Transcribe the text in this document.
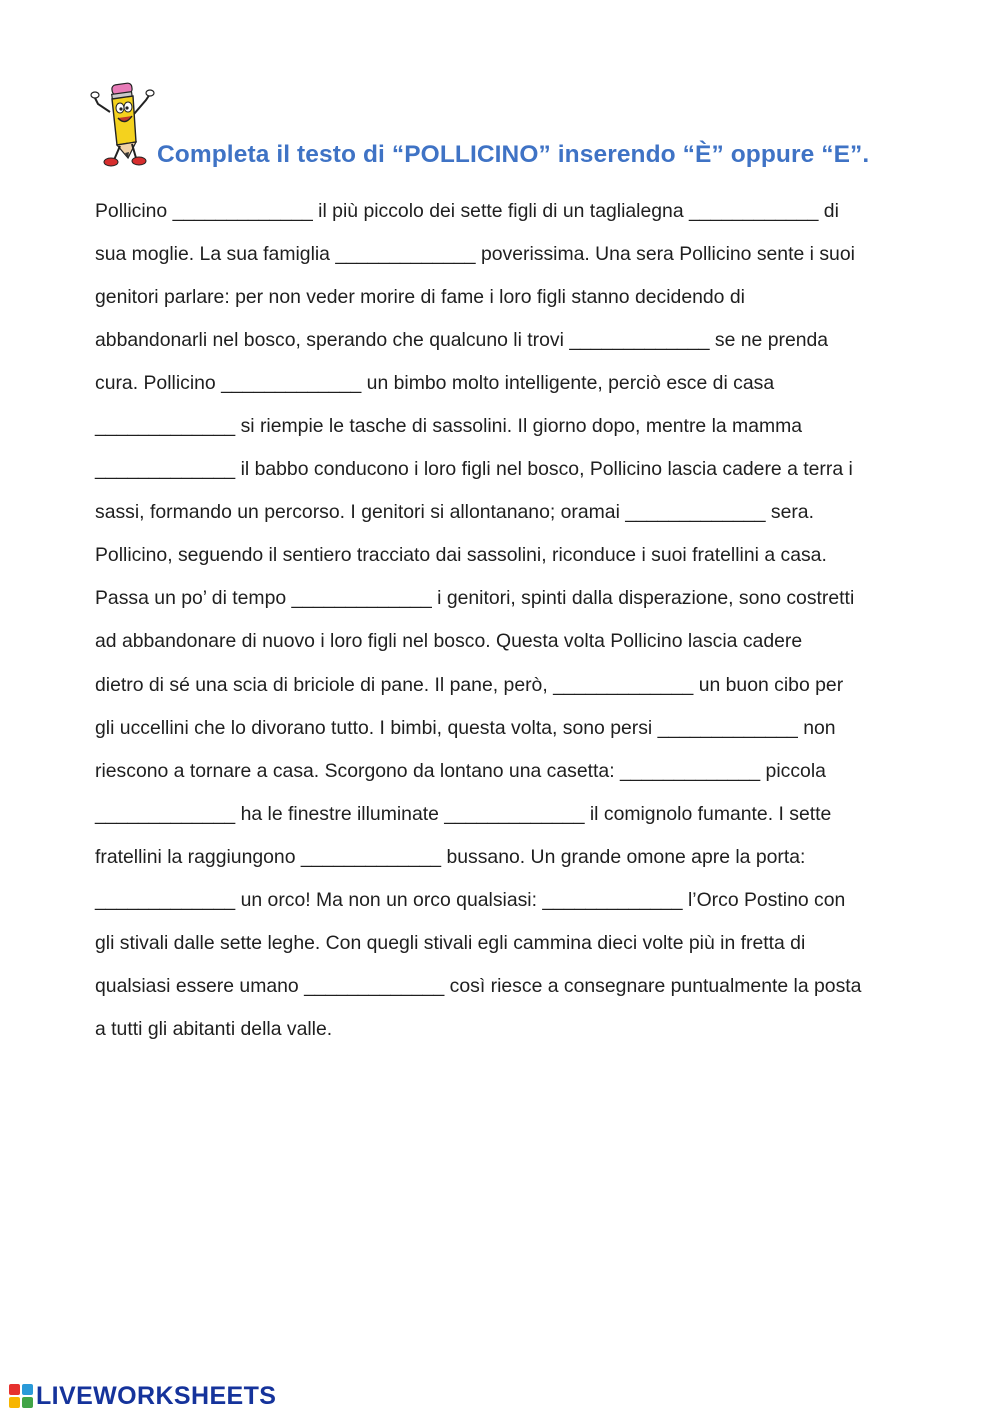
Completa il testo di “POLLICINO” inserendo “È” oppure “E”.
Pollicino _____________ il più piccolo dei sette figli di un taglialegna ____________ di
sua moglie. La sua famiglia _____________ poverissima. Una sera Pollicino sente i suoi
genitori parlare: per non veder morire di fame i loro figli stanno decidendo di
abbandonarli nel bosco, sperando che qualcuno li trovi _____________ se ne prenda
cura. Pollicino _____________ un bimbo molto intelligente, perciò esce di casa
_____________ si riempie le tasche di sassolini. Il giorno dopo, mentre la mamma
_____________ il babbo conducono i loro figli nel bosco, Pollicino lascia cadere a terra i
sassi, formando un percorso. I genitori si allontanano; oramai _____________ sera.
Pollicino, seguendo il sentiero tracciato dai sassolini, riconduce i suoi fratellini a casa.
Passa un po’ di tempo _____________ i genitori, spinti dalla disperazione, sono costretti
ad abbandonare di nuovo i loro figli nel bosco. Questa volta Pollicino lascia cadere
dietro di sé una scia di briciole di pane. Il pane, però, _____________ un buon cibo per
gli uccellini che lo divorano tutto. I bimbi, questa volta, sono persi _____________ non
riescono a tornare a casa. Scorgono da lontano una casetta: _____________ piccola
_____________ ha le finestre illuminate _____________ il comignolo fumante. I sette
fratellini la raggiungono _____________ bussano. Un grande omone apre la porta:
_____________ un orco! Ma non un orco qualsiasi: _____________ l’Orco Postino con
gli stivali dalle sette leghe. Con quegli stivali egli cammina dieci volte più in fretta di
qualsiasi essere umano _____________ così riesce a consegnare puntualmente la posta
a tutti gli abitanti della valle.
LIVEWORKSHEETS
